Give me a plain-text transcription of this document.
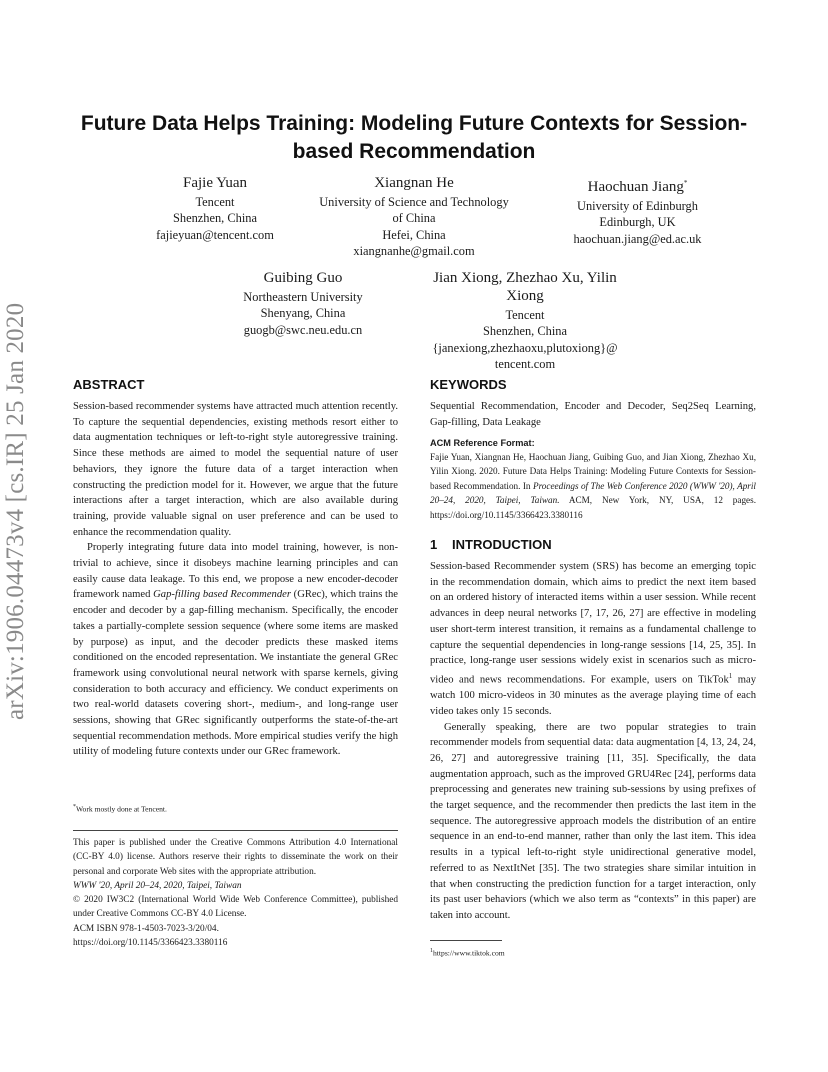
arXiv:1906.04473v4 [cs.IR] 25 Jan 2020
Future Data Helps Training: Modeling Future Contexts for Session-based Recommendation
Fajie Yuan
Tencent
Shenzhen, China
fajieyuan@tencent.com
Xiangnan He
University of Science and Technology
of China
Hefei, China
xiangnanhe@gmail.com
Haochuan Jiang*
University of Edinburgh
Edinburgh, UK
haochuan.jiang@ed.ac.uk
Guibing Guo
Northeastern University
Shenyang, China
guogb@swc.neu.edu.cn
Jian Xiong, Zhezhao Xu, Yilin
Xiong
Tencent
Shenzhen, China
{janexiong,zhezhaoxu,plutoxiong}@
tencent.com
ABSTRACT

Session-based recommender systems have attracted much attention recently. To capture the sequential dependencies, existing methods resort either to data augmentation techniques or left-to-right style autoregressive training. Since these methods are aimed to model the sequential nature of user behaviors, they ignore the future data of a target interaction when constructing the prediction model for it. However, we argue that the future interactions after a target interaction, which are also available during training, provide valuable signal on user preference and can be used to enhance the recommendation quality.

Properly integrating future data into model training, however, is non-trivial to achieve, since it disobeys machine learning principles and can easily cause data leakage. To this end, we propose a new encoder-decoder framework named Gap-filling based Recommender (GRec), which trains the encoder and decoder by a gap-filling mechanism. Specifically, the encoder takes a partially-complete session sequence (where some items are masked by purpose) as input, and the decoder predicts these masked items conditioned on the encoded representation. We instantiate the general GRec framework using convolutional neural network with sparse kernels, giving consideration to both accuracy and efficiency. We conduct experiments on two real-world datasets covering short-, medium-, and long-range user sessions, showing that GRec significantly outperforms the state-of-the-art sequential recommendation methods. More empirical studies verify the high utility of modeling future contexts under our GRec framework.

*Work mostly done at Tencent.

This paper is published under the Creative Commons Attribution 4.0 International (CC-BY 4.0) license. Authors reserve their rights to disseminate the work on their personal and corporate Web sites with the appropriate attribution.

WWW '20, April 20–24, 2020, Taipei, Taiwan

© 2020 IW3C2 (International World Wide Web Conference Committee), published under Creative Commons CC-BY 4.0 License.

ACM ISBN 978-1-4503-7023-3/20/04.

https://doi.org/10.1145/3366423.3380116

KEYWORDS

Sequential Recommendation, Encoder and Decoder, Seq2Seq Learning, Gap-filling, Data Leakage

ACM Reference Format:

Fajie Yuan, Xiangnan He, Haochuan Jiang, Guibing Guo, and Jian Xiong, Zhezhao Xu, Yilin Xiong. 2020. Future Data Helps Training: Modeling Future Contexts for Session-based Recommendation. In Proceedings of The Web Conference 2020 (WWW '20), April 20–24, 2020, Taipei, Taiwan. ACM, New York, NY, USA, 12 pages. https://doi.org/10.1145/3366423.3380116

1 INTRODUCTION

Session-based Recommender system (SRS) has become an emerging topic in the recommendation domain, which aims to predict the next item based on an ordered history of interacted items within a user session. While recent advances in deep neural networks [7, 17, 26, 27] are effective in modeling user short-term interest transition, it remains as a fundamental challenge to capture the sequential dependencies in long-range sessions [14, 25, 35]. In practice, long-range user sessions widely exist in scenarios such as micro-video and news recommendations. For example, users on TikTok$^1$ may watch 100 micro-videos in 30 minutes as the average playing time of each video takes only 15 seconds.

Generally speaking, there are two popular strategies to train recommender models from sequential data: data augmentation [4, 13, 24, 24, 26, 27] and autoregressive training [11, 35]. Specifically, the data augmentation approach, such as the improved GRU4Rec [24], performs data preprocessing and generates new training sub-sessions by using prefixes of the target sequence, and the recommender then predicts the last item in the sequence. The autoregressive approach models the distribution of an entire sequence in an end-to-end manner, rather than only the last item. This idea results in a typical left-to-right style unidirectional generative model, referred to as NextItNet [35]. The two strategies share similar intuition in that when constructing the prediction function for a target interaction, only its past user behaviors (which we also term as “contexts” in this paper) are taken into account.

$^1$https://www.tiktok.com
